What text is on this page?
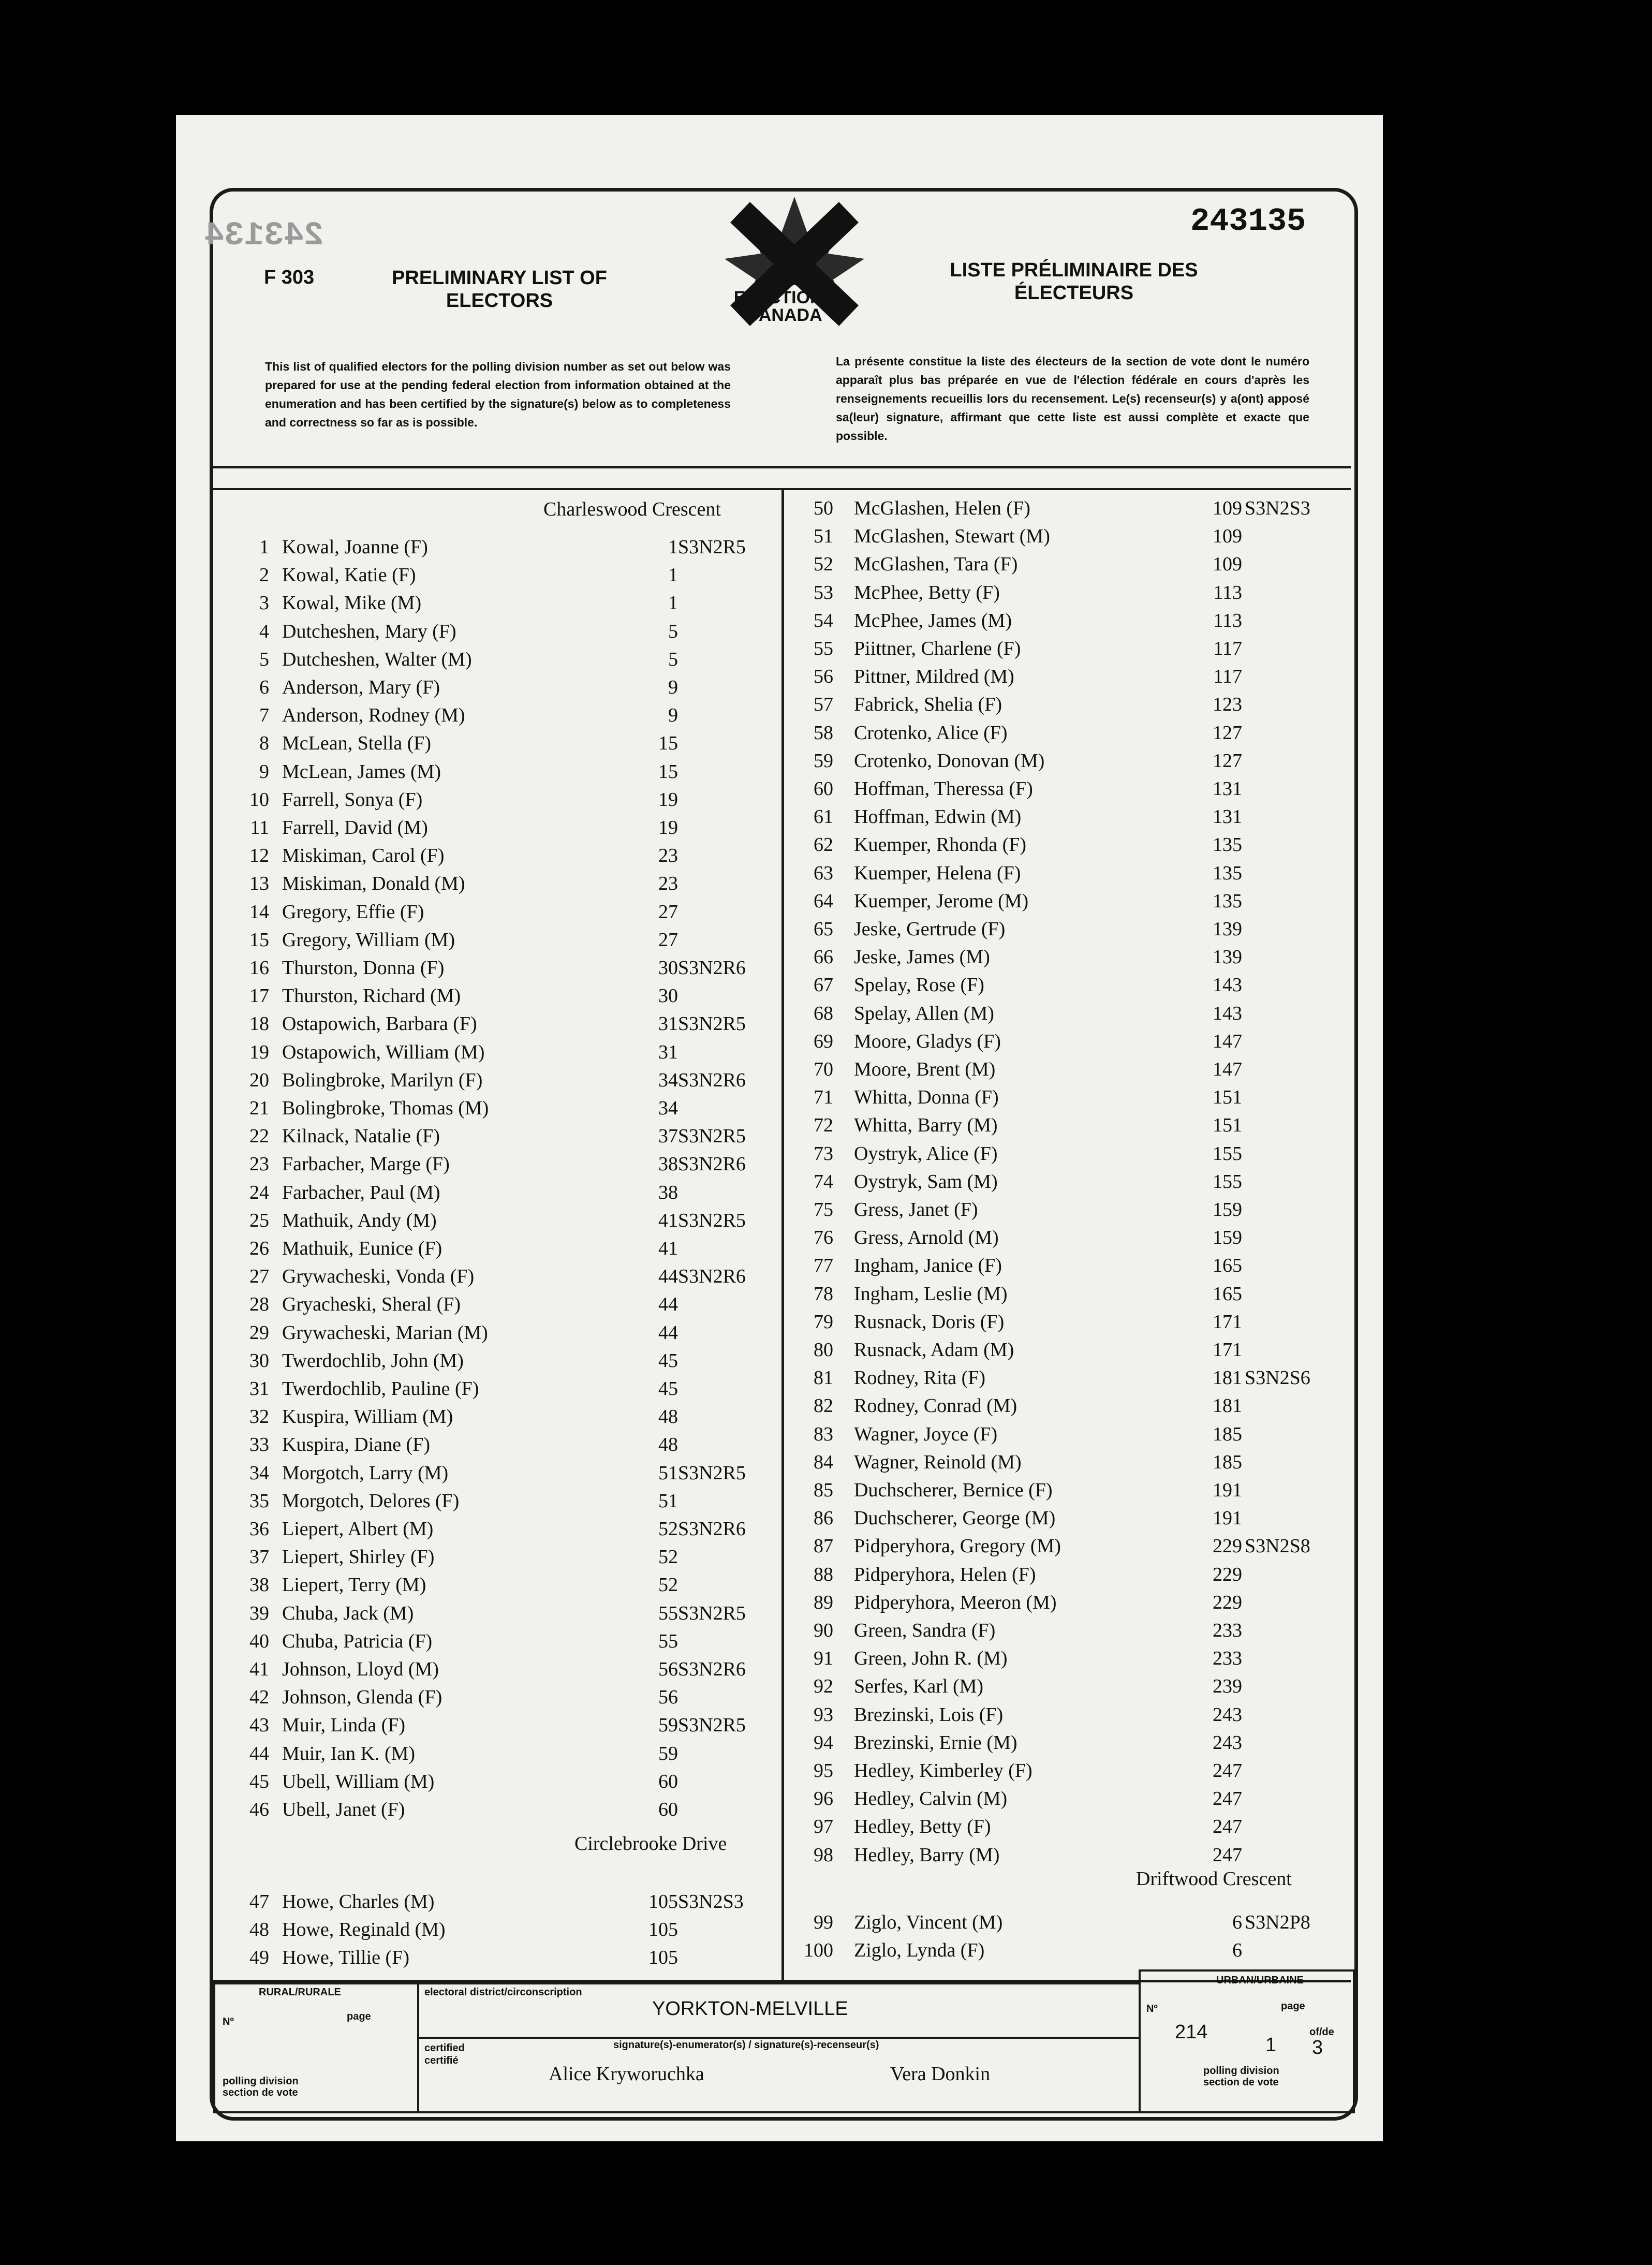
243134
F 303	PRELIMINARY LIST OF
ELECTORS	ELECTIONS
CANADA
LISTE PRÉLIMINAIRE DES
ÉLECTEURS
243135
This list of qualified electors for the polling division number as set out below was prepared for use at the pending federal election from information obtained at the enumeration and has been certified by the signature(s) below as to completeness and correctness so far as is possible.
La présente constitue la liste des électeurs de la section de vote dont le numéro apparaît plus bas préparée en vue de l'élection fédérale en cours d'après les renseignements recueillis lors du recensement. Le(s) recenseur(s) y a(ont) apposé sa(leur) signature, affirmant que cette liste est aussi complète et exacte que possible.
Charleswood Crescent
1 Kowal, Joanne (F)	1 S3N2R5
2 Kowal, Katie (F)	1
3 Kowal, Mike (M)	1
4 Dutcheshen, Mary (F)	5
5 Dutcheshen, Walter (M)	5
6 Anderson, Mary (F)	9
7 Anderson, Rodney (M)	9
8 McLean, Stella (F)	15
9 McLean, James (M)	15
10 Farrell, Sonya (F)	19
11 Farrell, David (M)	19
12 Miskiman, Carol (F)	23
13 Miskiman, Donald (M)	23
14 Gregory, Effie (F)	27
15 Gregory, William (M)	27
16 Thurston, Donna (F)	30 S3N2R6
17 Thurston, Richard (M)	30
18 Ostapowich, Barbara (F)	31 S3N2R5
19 Ostapowich, William (M)	31
20 Bolingbroke, Marilyn (F)	34 S3N2R6
21 Bolingbroke, Thomas (M)	34
22 Kilnack, Natalie (F)	37 S3N2R5
23 Farbacher, Marge (F)	38 S3N2R6
24 Farbacher, Paul (M)	38
25 Mathuik, Andy (M)	41 S3N2R5
26 Mathuik, Eunice (F)	41
27 Grywacheski, Vonda (F)	44 S3N2R6
28 Gryacheski, Sheral (F)	44
29 Grywacheski, Marian (M)	44
30 Twerdochlib, John (M)	45
31 Twerdochlib, Pauline (F)	45
32 Kuspira, William (M)	48
33 Kuspira, Diane (F)	48
34 Morgotch, Larry (M)	51 S3N2R5
35 Morgotch, Delores (F)	51
36 Liepert, Albert (M)	52 S3N2R6
37 Liepert, Shirley (F)	52
38 Liepert, Terry (M)	52
39 Chuba, Jack (M)	55 S3N2R5
40 Chuba, Patricia (F)	55
41 Johnson, Lloyd (M)	56 S3N2R6
42 Johnson, Glenda (F)	56
43 Muir, Linda (F)	59 S3N2R5
44 Muir, Ian K. (M)	59
45 Ubell, William (M)	60
46 Ubell, Janet (F)	60
Circlebrooke Drive
47 Howe, Charles (M)	105 S3N2S3
48 Howe, Reginald (M)	105
49 Howe, Tillie (F)	105
50 McGlashen, Helen (F)	109 S3N2S3
51 McGlashen, Stewart (M)	109
52 McGlashen, Tara (F)	109
53 McPhee, Betty (F)	113
54 McPhee, James (M)	113
55 Piittner, Charlene (F)	117
56 Pittner, Mildred (M)	117
57 Fabrick, Shelia (F)	123
58 Crotenko, Alice (F)	127
59 Crotenko, Donovan (M)	127
60 Hoffman, Theressa (F)	131
61 Hoffman, Edwin (M)	131
62 Kuemper, Rhonda (F)	135
63 Kuemper, Helena (F)	135
64 Kuemper, Jerome (M)	135
65 Jeske, Gertrude (F)	139
66 Jeske, James (M)	139
67 Spelay, Rose (F)	143
68 Spelay, Allen (M)	143
69 Moore, Gladys (F)	147
70 Moore, Brent (M)	147
71 Whitta, Donna (F)	151
72 Whitta, Barry (M)	151
73 Oystryk, Alice (F)	155
74 Oystryk, Sam (M)	155
75 Gress, Janet (F)	159
76 Gress, Arnold (M)	159
77 Ingham, Janice (F)	165
78 Ingham, Leslie (M)	165
79 Rusnack, Doris (F)	171
80 Rusnack, Adam (M)	171
81 Rodney, Rita (F)	181 S3N2S6
82 Rodney, Conrad (M)	181
83 Wagner, Joyce (F)	185
84 Wagner, Reinold (M)	185
85 Duchscherer, Bernice (F)	191
86 Duchscherer, George (M)	191
87 Pidperyhora, Gregory (M)	229 S3N2S8
88 Pidperyhora, Helen (F)	229
89 Pidperyhora, Meeron (M)	229
90 Green, Sandra (F)	233
91 Green, John R. (M)	233
92 Serfes, Karl (M)	239
93 Brezinski, Lois (F)	243
94 Brezinski, Ernie (M)	243
95 Hedley, Kimberley (F)	247
96 Hedley, Calvin (M)	247
97 Hedley, Betty (F)	247
98 Hedley, Barry (M)	247
Driftwood Crescent
99 Ziglo, Vincent (M)	6 S3N2P8
100 Ziglo, Lynda (F)	6
RURAL/RURALE
Nº	page
polling division
section de vote
electoral district/circonscription
YORKTON-MELVILLE
certified
certifié
signature(s)-enumerator(s) / signature(s)-recenseur(s)
Alice Kryworuchka	Vera Donkin
URBAN/URBAINE
Nº	page
of/de
214
1 3
polling division
section de vote
